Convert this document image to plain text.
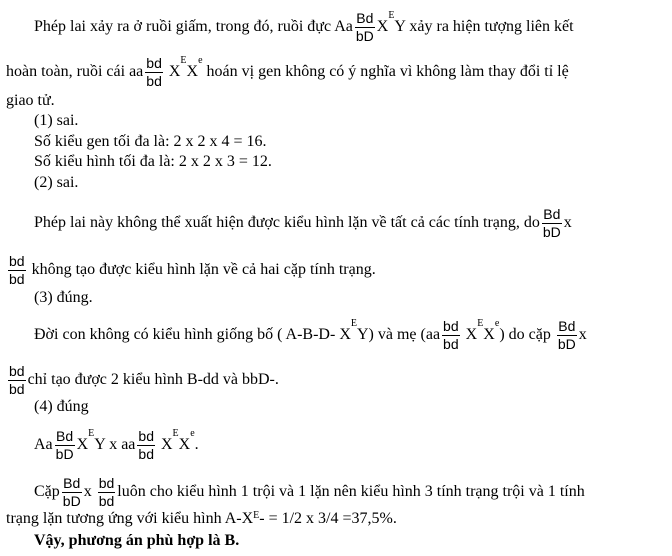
Phép lai xảy ra ở ruồi giấm, trong đó, ruồi đực Aa $\frac{Bd}{bD} X^EY$ xảy ra hiện tượng liên kết
hoàn toàn, ruồi cái aa $\frac{bd}{bd} X^EXe$ hoán vị gen không có ý nghĩa vì không làm thay đổi tỉ lệ
giao tử.
(1) sai.
Số kiểu gen tối đa là: 2 x 2 x 4 = 16.
Số kiểu hình tối đa là: 2 x 2 x 3 = 12.
(2) sai.
Phép lai này không thể xuất hiện được kiểu hình lặn về tất cả các tính trạng, do $\frac{Bd}{bD}$ x
$\frac{bd}{bd}$ không tạo được kiểu hình lặn về cả hai cặp tính trạng.
(3) đúng.
Đời con không có kiểu hình giống bố ( A-B-D- $X^EY$) và mẹ $(aa \frac{bd}{bd} X^EXe)$ do cặp $\frac{Bd}{bD}$ x
$\frac{bd}{bd}$ chỉ tạo được 2 kiểu hình B-dd và bbD-.
(4) đúng
Aa $\frac{Bd}{bD} X^EY$ x aa $\frac{bd}{bd} X^EXe$.
Cặp $\frac{Bd}{bD}$ x $\frac{bd}{bd}$ luôn cho kiểu hình 1 trội và 1 lặn nên kiểu hình 3 tính trạng trội và 1 tính
trạng lặn tương ứng với kiểu hình $A-X^E- = 1/2$ x 3/4 =37,5%.
Vậy, phương án phù hợp là B.
